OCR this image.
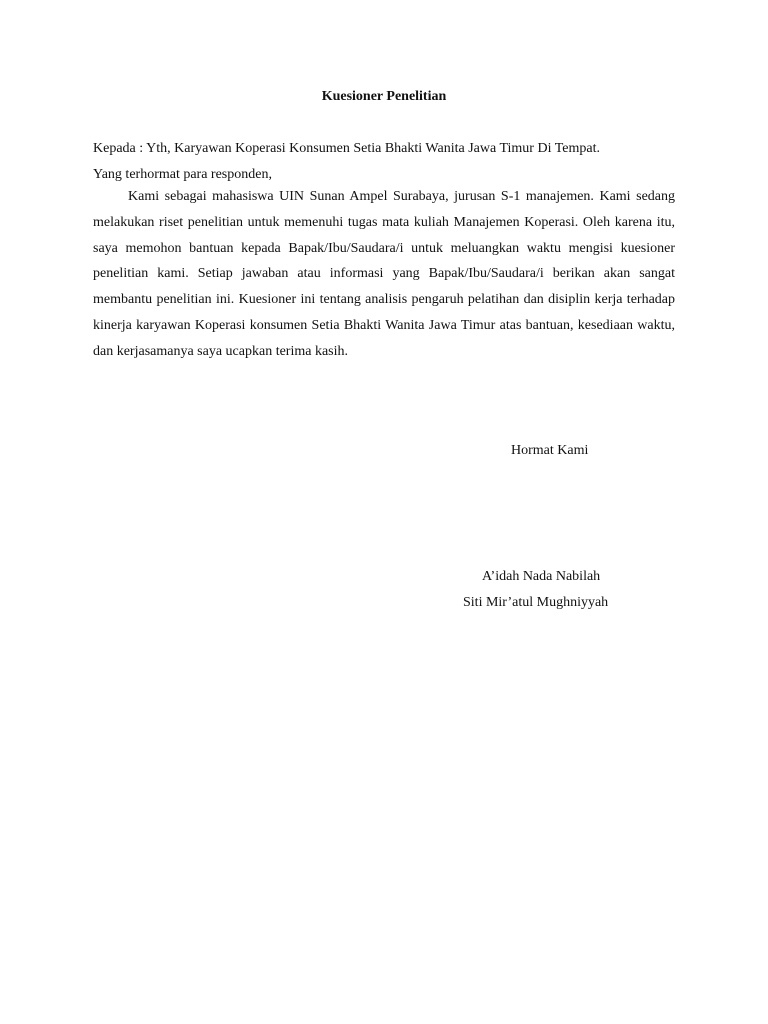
Kuesioner Penelitian
Kepada : Yth, Karyawan Koperasi Konsumen Setia Bhakti Wanita Jawa Timur Di Tempat.
Yang terhormat para responden,

Kami sebagai mahasiswa UIN Sunan Ampel Surabaya, jurusan S-1 manajemen. Kami sedang melakukan riset penelitian untuk memenuhi tugas mata kuliah Manajemen Koperasi. Oleh karena itu, saya memohon bantuan kepada Bapak/Ibu/Saudara/i untuk meluangkan waktu mengisi kuesioner penelitian kami. Setiap jawaban atau informasi yang Bapak/Ibu/Saudara/i berikan akan sangat membantu penelitian ini. Kuesioner ini tentang analisis pengaruh pelatihan dan disiplin kerja terhadap kinerja karyawan Koperasi konsumen Setia Bhakti Wanita Jawa Timur atas bantuan, kesediaan waktu, dan kerjasamanya saya ucapkan terima kasih.

Hormat Kami
A’idah Nada Nabilah
Siti Mir’atul Mughniyyah
